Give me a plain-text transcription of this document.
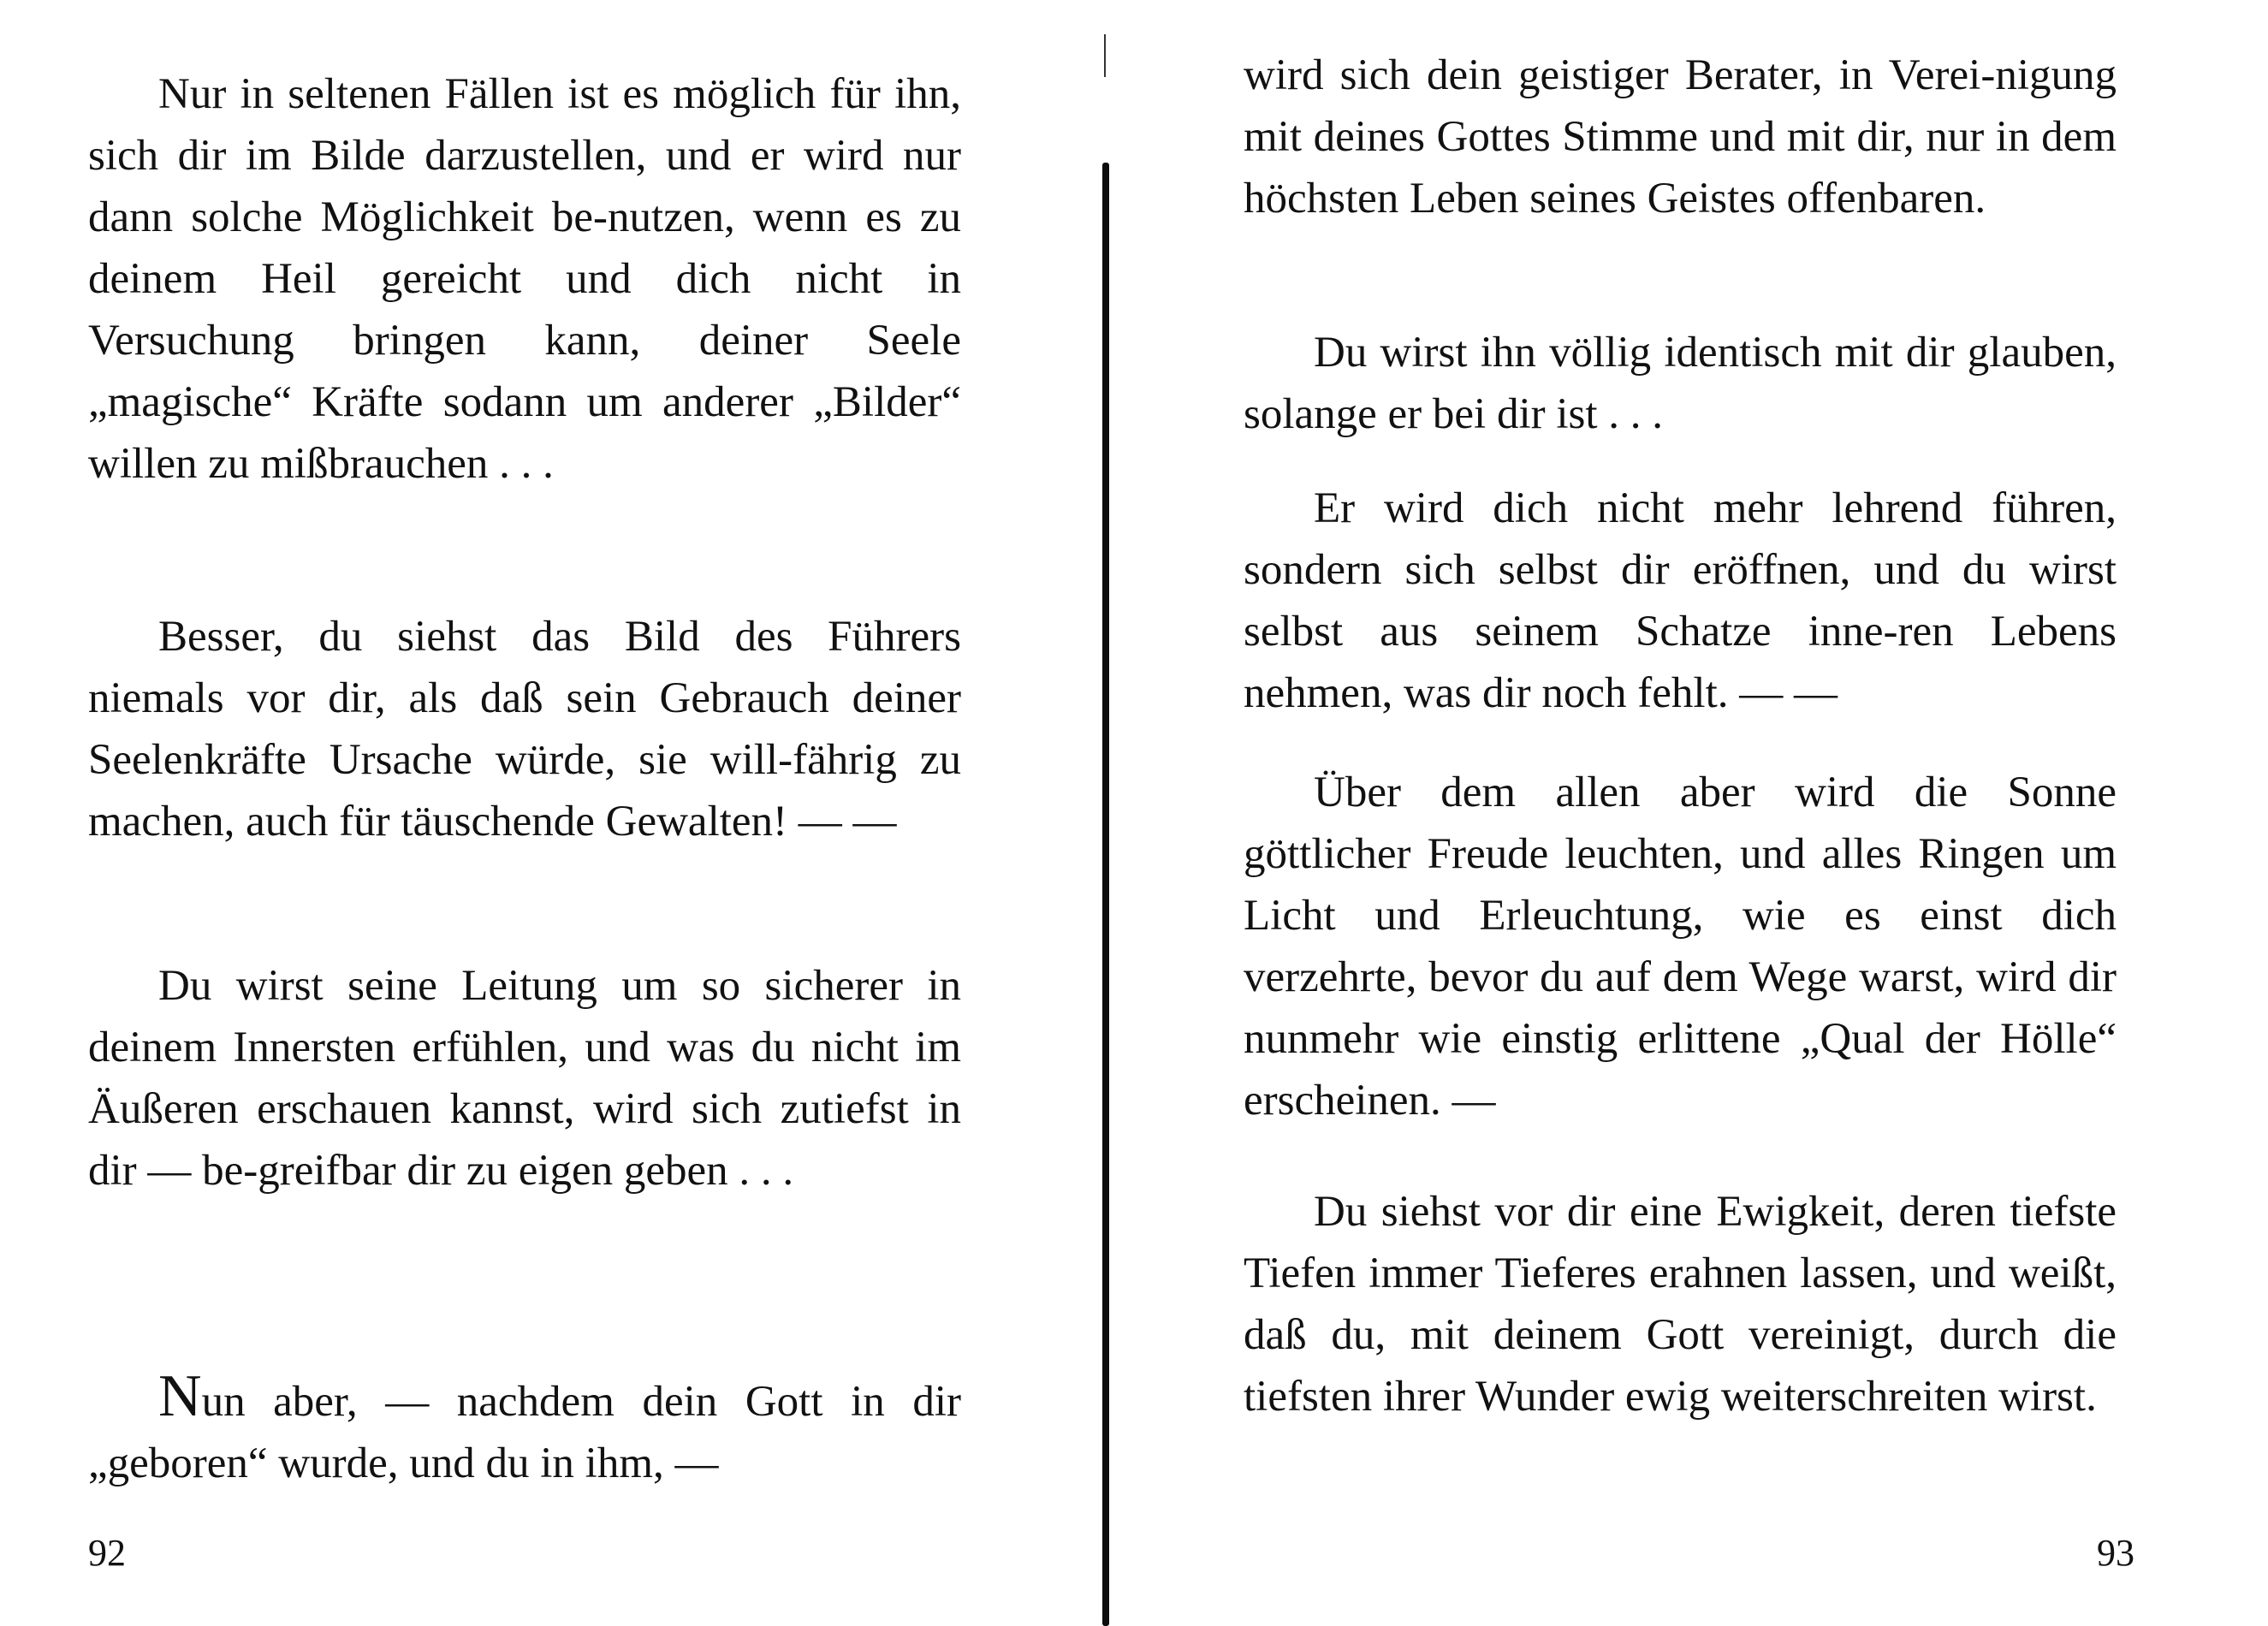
Nur in seltenen Fällen ist es möglich für ihn, sich dir im Bilde darzustellen, und er wird nur dann solche Möglichkeit be-nutzen, wenn es zu deinem Heil gereicht und dich nicht in Versuchung bringen kann, deiner Seele „magische“ Kräfte sodann um anderer „Bilder“ willen zu mißbrauchen . . .

Besser, du siehst das Bild des Führers niemals vor dir, als daß sein Gebrauch deiner Seelenkräfte Ursache würde, sie will-fährig zu machen, auch für täuschende Gewalten! — —

Du wirst seine Leitung um so sicherer in deinem Innersten erfühlen, und was du nicht im Äußeren erschauen kannst, wird sich zutiefst in dir — be-greifbar dir zu eigen geben . . .

Nun aber, — nachdem dein Gott in dir „geboren“ wurde, und du in ihm, —

92

wird sich dein geistiger Berater, in Verei-nigung mit deines Gottes Stimme und mit dir, nur in dem höchsten Leben seines Geistes offenbaren.

Du wirst ihn völlig identisch mit dir glauben, solange er bei dir ist . . .

Er wird dich nicht mehr lehrend führen, sondern sich selbst dir eröffnen, und du wirst selbst aus seinem Schatze inne-ren Lebens nehmen, was dir noch fehlt. — —

Über dem allen aber wird die Sonne göttlicher Freude leuchten, und alles Ringen um Licht und Erleuchtung, wie es einst dich verzehrte, bevor du auf dem Wege warst, wird dir nunmehr wie einstig erlittene „Qual der Hölle“ erscheinen. —

Du siehst vor dir eine Ewigkeit, deren tiefste Tiefen immer Tieferes erahnen lassen, und weißt, daß du, mit deinem Gott vereinigt, durch die tiefsten ihrer Wunder ewig weiterschreiten wirst.

93
